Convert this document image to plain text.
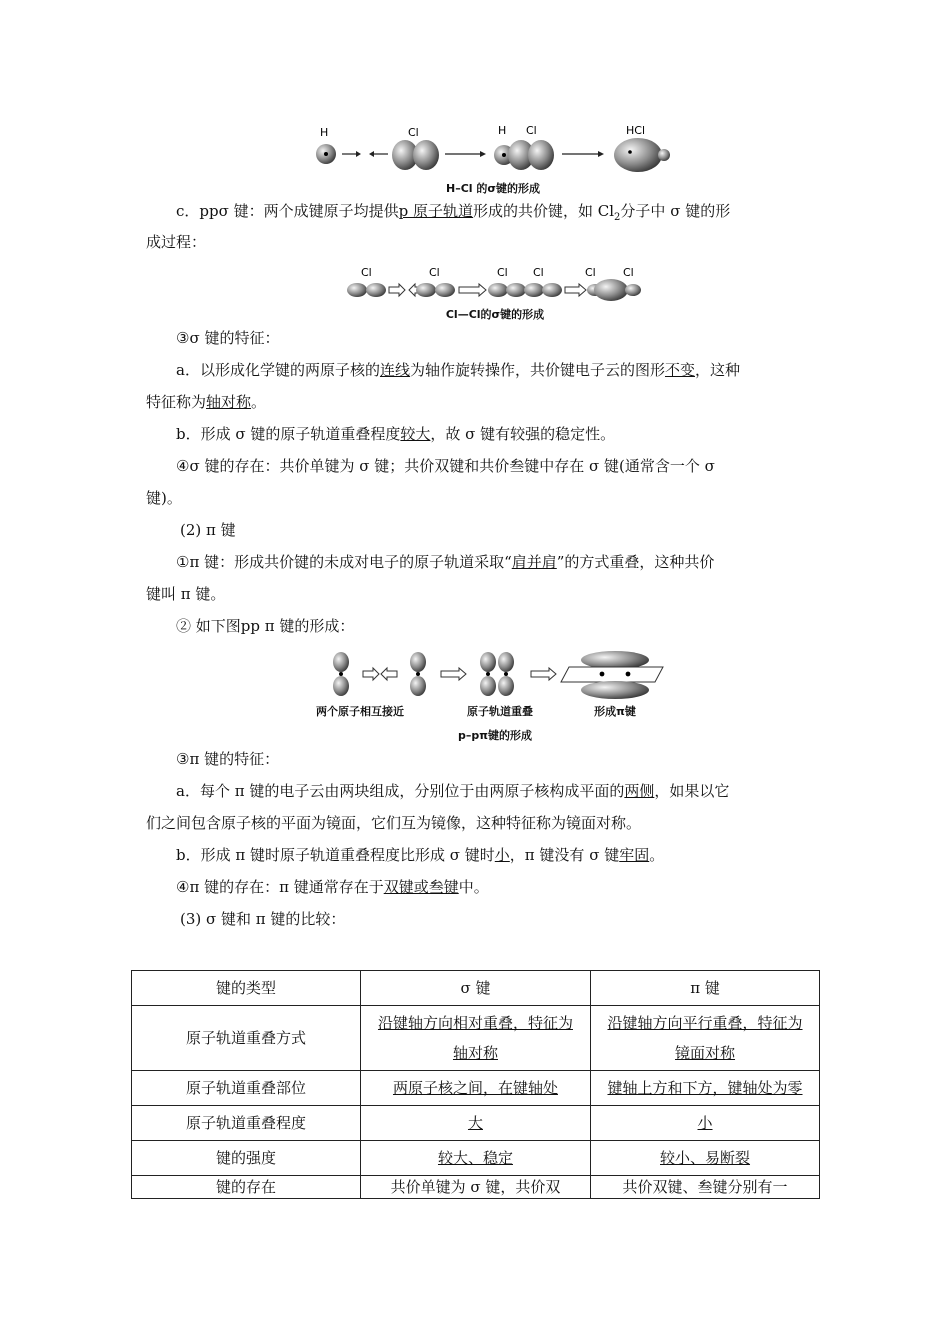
H	Cl	H Cl	HCl
H–Cl 的σ键的形成
c．ppσ 键：两个成键原子均提供p 原子轨道形成的共价键，如 $Cl_2$分子中 σ 键的形
成过程：
Cl	Cl	Cl Cl	Cl Cl
Cl—Cl的σ键的形成
③σ 键的特征：
a．以形成化学键的两原子核的连线为轴作旋转操作，共价键电子云的图形不变，这种
特征称为轴对称。
b．形成 σ 键的原子轨道重叠程度较大，故 σ 键有较强的稳定性。
④σ 键的存在：共价单键为 σ 键；共价双键和共价叁键中存在 σ 键(通常含一个 σ
键)。
(2) π 键
①π 键：形成共价键的未成对电子的原子轨道采取“肩并肩”的方式重叠，这种共价
键叫 π 键。
② 如下图pp π 键的形成：
两个原子相互接近	原子轨道重叠	形成π键
p–pπ键的形成
③π 键的特征：
a．每个 π 键的电子云由两块组成，分别位于由两原子核构成平面的两侧，如果以它
们之间包含原子核的平面为镜面，它们互为镜像，这种特征称为镜面对称。
b．形成 π 键时原子轨道重叠程度比形成 σ 键时小，π 键没有 σ 键牢固。
④π 键的存在：π 键通常存在于双键或叁键中。
(3) σ 键和 π 键的比较：
键的类型	σ 键	π 键
原子轨道重叠方式	沿键轴方向相对重叠，特征为轴对称	沿键轴方向平行重叠，特征为镜面对称
原子轨道重叠部位	两原子核之间，在键轴处	键轴上方和下方，键轴处为零
原子轨道重叠程度	大	小
键的强度	较大、稳定	较小、易断裂
键的存在	共价单键为 σ 键，共价双	共价双键、叁键分别有一
